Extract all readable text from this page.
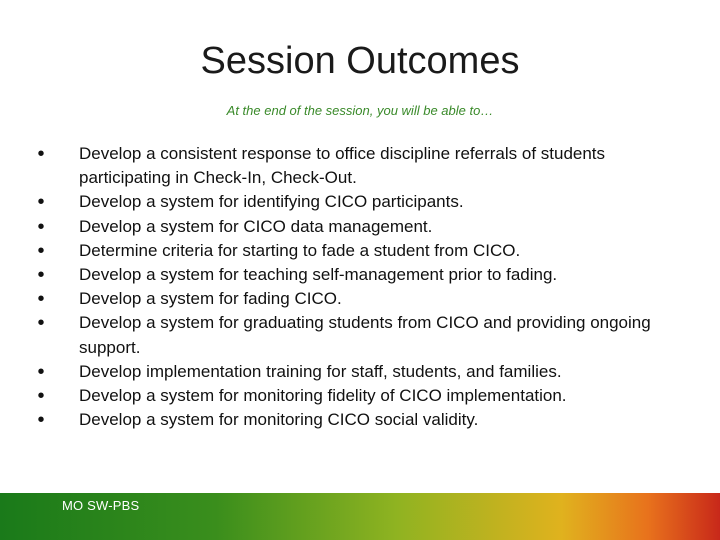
Session Outcomes
At the end of the session, you will be able to…
• Develop a consistent response to office discipline referrals of students participating in Check-In, Check-Out.
• Develop a system for identifying CICO participants.
• Develop a system for CICO data management.
• Determine criteria for starting to fade a student from CICO.
• Develop a system for teaching self-management prior to fading.
• Develop a system for fading CICO.
• Develop a system for graduating students from CICO and providing ongoing support.
• Develop implementation training for staff, students, and families.
• Develop a system for monitoring fidelity of CICO implementation.
• Develop a system for monitoring CICO social validity.
MO SW-PBS
